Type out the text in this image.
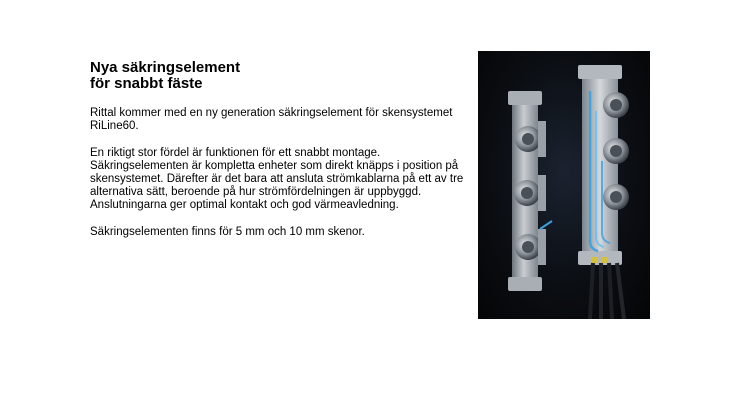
Nya säkringselement
för snabbt fäste

Rittal kommer med en ny generation säkringselement för skensystemet RiLine60.

En riktigt stor fördel är funktionen för ett snabbt montage. Säkringselementen är kompletta enheter som direkt knäpps i position på skensystemet. Därefter är det bara att ansluta strömkablarna på ett av tre alternativa sätt, beroende på hur strömfördelningen är uppbyggd. Anslutningarna ger optimal kontakt och god värmeavledning.

Säkringselementen finns för 5 mm och 10 mm skenor.
